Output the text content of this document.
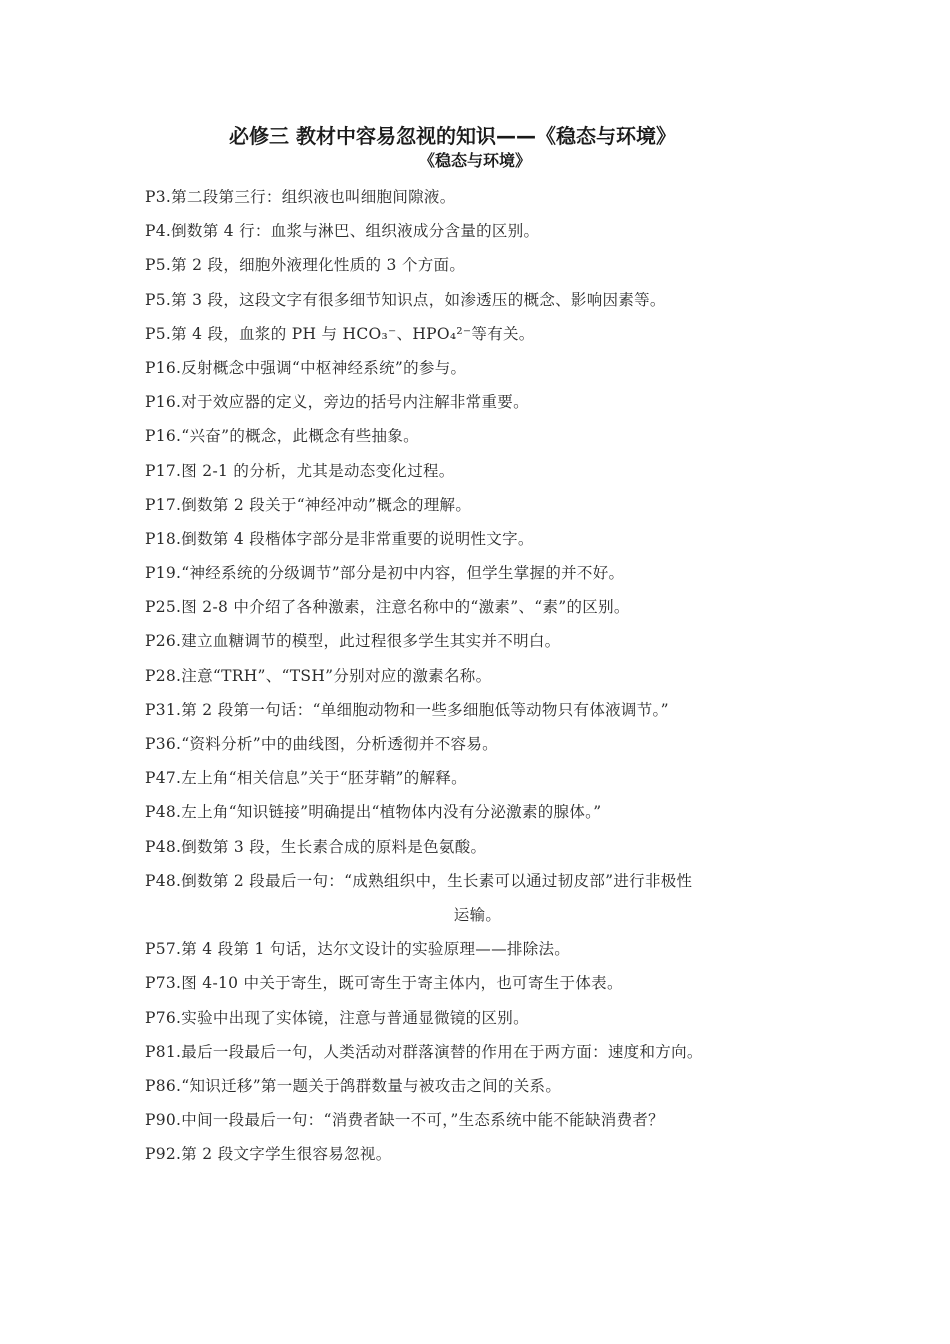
必修三 教材中容易忽视的知识——《稳态与环境》
《稳态与环境》
P3.第二段第三行：组织液也叫细胞间隙液。
P4.倒数第 4 行：血浆与淋巴、组织液成分含量的区别。
P5.第 2 段，细胞外液理化性质的 3 个方面。
P5.第 3 段，这段文字有很多细节知识点，如渗透压的概念、影响因素等。
P5.第 4 段，血浆的 PH 与 HCO₃⁻、HPO₄²⁻等有关。
P16.反射概念中强调“中枢神经系统”的参与。
P16.对于效应器的定义，旁边的括号内注解非常重要。
P16.“兴奋”的概念，此概念有些抽象。
P17.图 2-1 的分析，尤其是动态变化过程。
P17.倒数第 2 段关于“神经冲动”概念的理解。
P18.倒数第 4 段楷体字部分是非常重要的说明性文字。
P19.“神经系统的分级调节”部分是初中内容，但学生掌握的并不好。
P25.图 2-8 中介绍了各种激素，注意名称中的“激素”、“素”的区别。
P26.建立血糖调节的模型，此过程很多学生其实并不明白。
P28.注意“TRH”、“TSH”分别对应的激素名称。
P31.第 2 段第一句话：“单细胞动物和一些多细胞低等动物只有体液调节。”
P36.“资料分析”中的曲线图，分析透彻并不容易。
P47.左上角“相关信息”关于“胚芽鞘”的解释。
P48.左上角“知识链接”明确提出“植物体内没有分泌激素的腺体。”
P48.倒数第 3 段，生长素合成的原料是色氨酸。
P48.倒数第 2 段最后一句：“成熟组织中，生长素可以通过韧皮部”进行非极性
运输。
P57.第 4 段第 1 句话，达尔文设计的实验原理——排除法。
P73.图 4-10 中关于寄生，既可寄生于寄主体内，也可寄生于体表。
P76.实验中出现了实体镜，注意与普通显微镜的区别。
P81.最后一段最后一句，人类活动对群落演替的作用在于两方面：速度和方向。
P86.“知识迁移”第一题关于鸽群数量与被攻击之间的关系。
P90.中间一段最后一句：“消费者缺一不可，”生态系统中能不能缺消费者？
P92.第 2 段文字学生很容易忽视。
